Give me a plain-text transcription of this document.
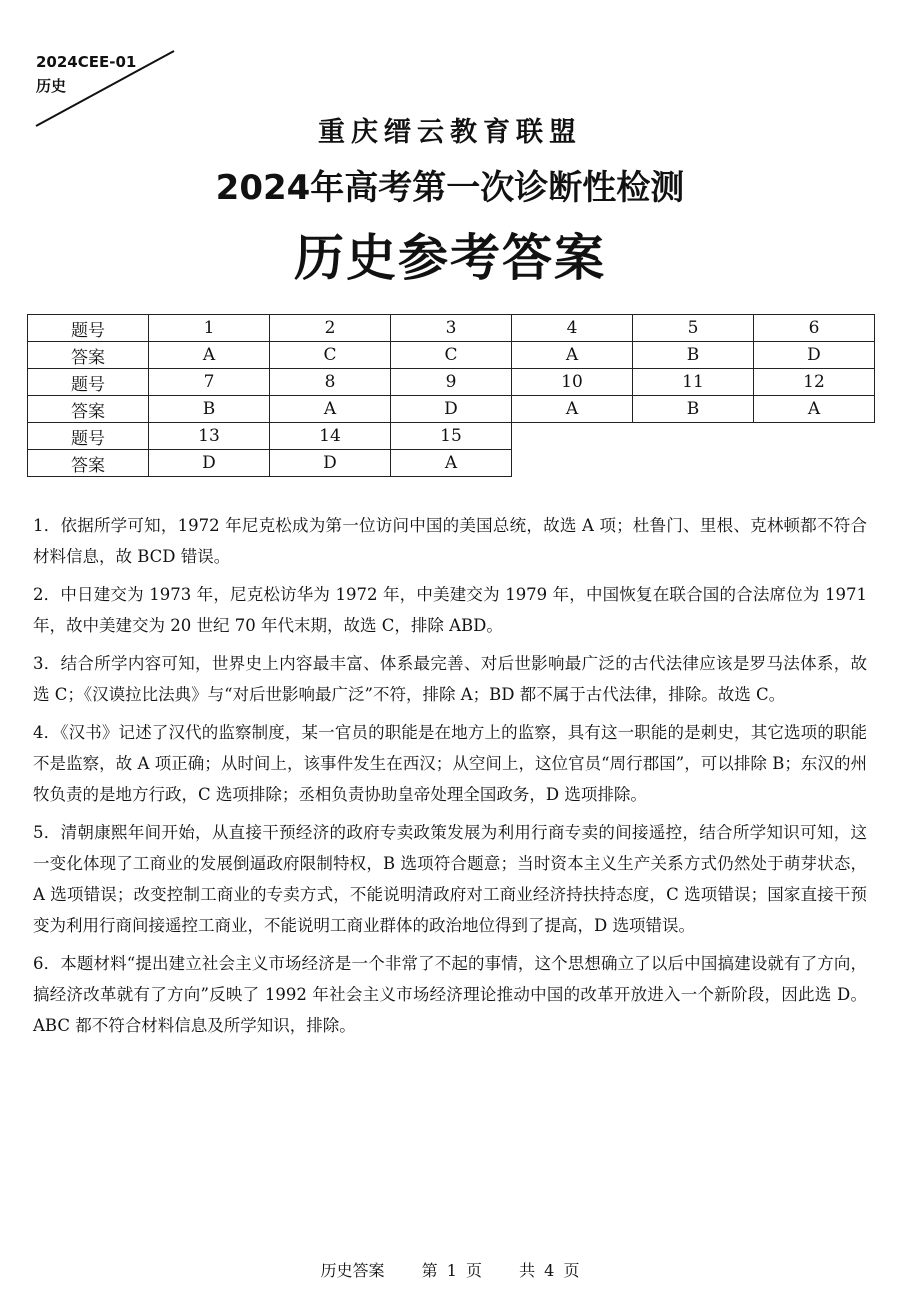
2024CEE-01
历史
重庆缙云教育联盟
2024年高考第一次诊断性检测
历史参考答案
题号	1	2	3	4	5	6
答案	A	C	C	A	B	D
题号	7	8	9	10	11	12
答案	B	A	D	A	B	A
题号	13	14	15			
答案	D	D	A			

1．依据所学可知，1972 年尼克松成为第一位访问中国的美国总统，故选 A 项；杜鲁门、里根、克林顿都不符合材料信息，故 BCD 错误。

2．中日建交为 1973 年，尼克松访华为 1972 年，中美建交为 1979 年，中国恢复在联合国的合法席位为 1971 年，故中美建交为 20 世纪 70 年代末期，故选 C，排除 ABD。

3．结合所学内容可知，世界史上内容最丰富、体系最完善、对后世影响最广泛的古代法律应该是罗马法体系，故选 C；《汉谟拉比法典》与“对后世影响最广泛”不符，排除 A；BD 都不属于古代法律，排除。故选 C。

4．《汉书》记述了汉代的监察制度，某一官员的职能是在地方上的监察，具有这一职能的是刺史，其它选项的职能不是监察，故 A 项正确；从时间上，该事件发生在西汉；从空间上，这位官员“周行郡国”，可以排除 B；东汉的州牧负责的是地方行政，C 选项排除；丞相负责协助皇帝处理全国政务，D 选项排除。

5．清朝康熙年间开始，从直接干预经济的政府专卖政策发展为利用行商专卖的间接遥控，结合所学知识可知，这一变化体现了工商业的发展倒逼政府限制特权，B 选项符合题意；当时资本主义生产关系方式仍然处于萌芽状态，A 选项错误；改变控制工商业的专卖方式，不能说明清政府对工商业经济持扶持态度，C 选项错误；国家直接干预变为利用行商间接遥控工商业，不能说明工商业群体的政治地位得到了提高，D 选项错误。

6．本题材料“提出建立社会主义市场经济是一个非常了不起的事情，这个思想确立了以后中国搞建设就有了方向，搞经济改革就有了方向”反映了 1992 年社会主义市场经济理论推动中国的改革开放进入一个新阶段，因此选 D。ABC 都不符合材料信息及所学知识，排除。

历史答案 第 1 页 共 4 页
